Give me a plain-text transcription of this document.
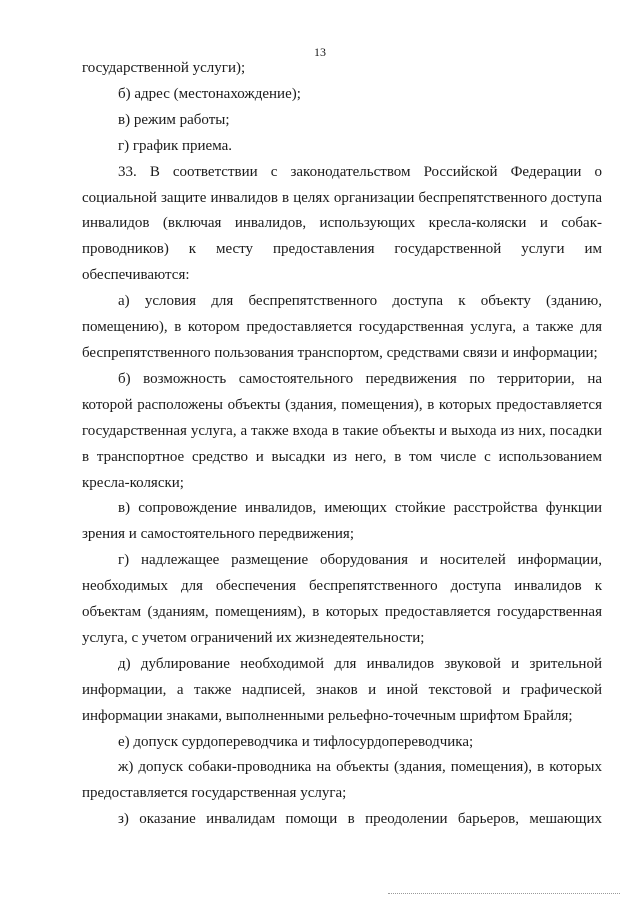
13

государственной услуги);

б) адрес (местонахождение);

в) режим работы;

г) график приема.

33. В соответствии с законодательством Российской Федерации о социальной защите инвалидов в целях организации беспрепятственного доступа инвалидов (включая инвалидов, использующих кресла-коляски и собак-проводников) к месту предоставления государственной услуги им обеспечиваются:

а) условия для беспрепятственного доступа к объекту (зданию, помещению), в котором предоставляется государственная услуга, а также для беспрепятственного пользования транспортом, средствами связи и информации;

б) возможность самостоятельного передвижения по территории, на которой расположены объекты (здания, помещения), в которых предоставляется государственная услуга, а также входа в такие объекты и выхода из них, посадки в транспортное средство и высадки из него, в том числе с использованием кресла-коляски;

в) сопровождение инвалидов, имеющих стойкие расстройства функции зрения и самостоятельного передвижения;

г) надлежащее размещение оборудования и носителей информации, необходимых для обеспечения беспрепятственного доступа инвалидов к объектам (зданиям, помещениям), в которых предоставляется государственная услуга, с учетом ограничений их жизнедеятельности;

д) дублирование необходимой для инвалидов звуковой и зрительной информации, а также надписей, знаков и иной текстовой и графической информации знаками, выполненными рельефно-точечным шрифтом Брайля;

е) допуск сурдопереводчика и тифлосурдопереводчика;

ж) допуск собаки-проводника на объекты (здания, помещения), в которых предоставляется государственная услуга;

з) оказание инвалидам помощи в преодолении барьеров, мешающих
